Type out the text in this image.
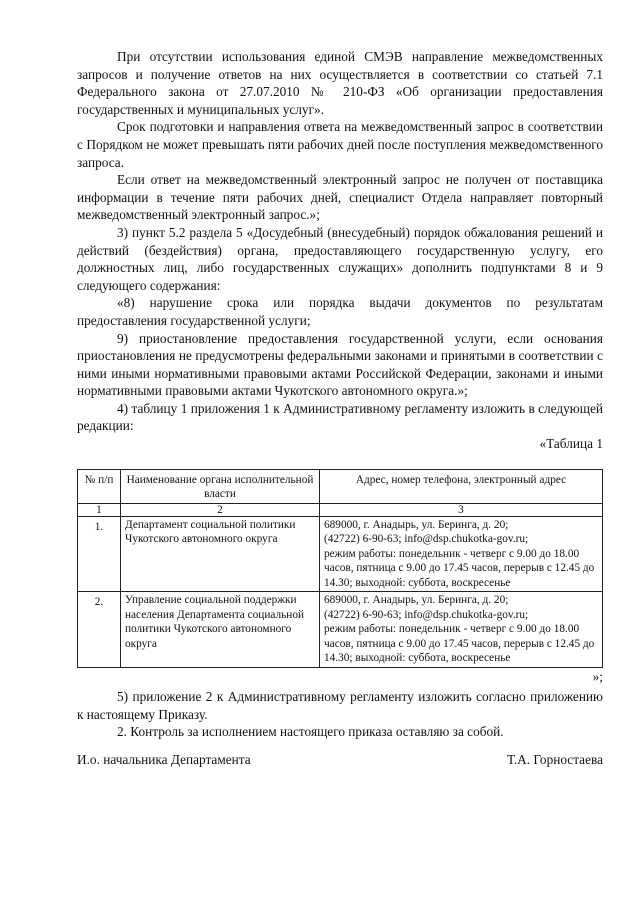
При отсутствии использования единой СМЭВ направление межведомственных запросов и получение ответов на них осуществляется в соответствии со статьей 7.1 Федерального закона от 27.07.2010 № 210-ФЗ «Об организации предоставления государственных и муниципальных услуг».

Срок подготовки и направления ответа на межведомственный запрос в соответствии с Порядком не может превышать пяти рабочих дней после поступления межведомственного запроса.

Если ответ на межведомственный электронный запрос не получен от поставщика информации в течение пяти рабочих дней, специалист Отдела направляет повторный межведомственный электронный запрос.»;

3) пункт 5.2 раздела 5 «Досудебный (внесудебный) порядок обжалования решений и действий (бездействия) органа, предоставляющего государственную услугу, его должностных лиц, либо государственных служащих» дополнить подпунктами 8 и 9 следующего содержания:

«8) нарушение срока или порядка выдачи документов по результатам предоставления государственной услуги;

9) приостановление предоставления государственной услуги, если основания приостановления не предусмотрены федеральными законами и принятыми в соответствии с ними иными нормативными правовыми актами Российской Федерации, законами и иными нормативными правовыми актами Чукотского автономного округа.»;

4) таблицу 1 приложения 1 к Административному регламенту изложить в следующей редакции:

«Таблица 1

№ п/п	Наименование органа исполнительной власти	Адрес, номер телефона, электронный адрес
1	2	3
1.	Департамент социальной политики Чукотского автономного округа	689000, г. Анадырь, ул. Беринга, д. 20;
(42722) 6-90-63; info@dsp.chukotka-gov.ru;
режим работы: понедельник - четверг с 9.00 до 18.00 часов, пятница с 9.00 до 17.45 часов, перерыв с 12.45 до 14.30; выходной: суббота, воскресенье

2.	Управление социальной поддержки населения Департамента социальной политики Чукотского автономного округа	689000, г. Анадырь, ул. Беринга, д. 20;
(42722) 6-90-63; info@dsp.chukotka-gov.ru;
режим работы: понедельник - четверг с 9.00 до 18.00 часов, пятница с 9.00 до 17.45 часов, перерыв с 12.45 до 14.30; выходной: суббота, воскресенье

»;

5) приложение 2 к Административному регламенту изложить согласно приложению к настоящему Приказу.

2. Контроль за исполнением настоящего приказа оставляю за собой.

И.о. начальника Департамента	Т.А. Горностаева
